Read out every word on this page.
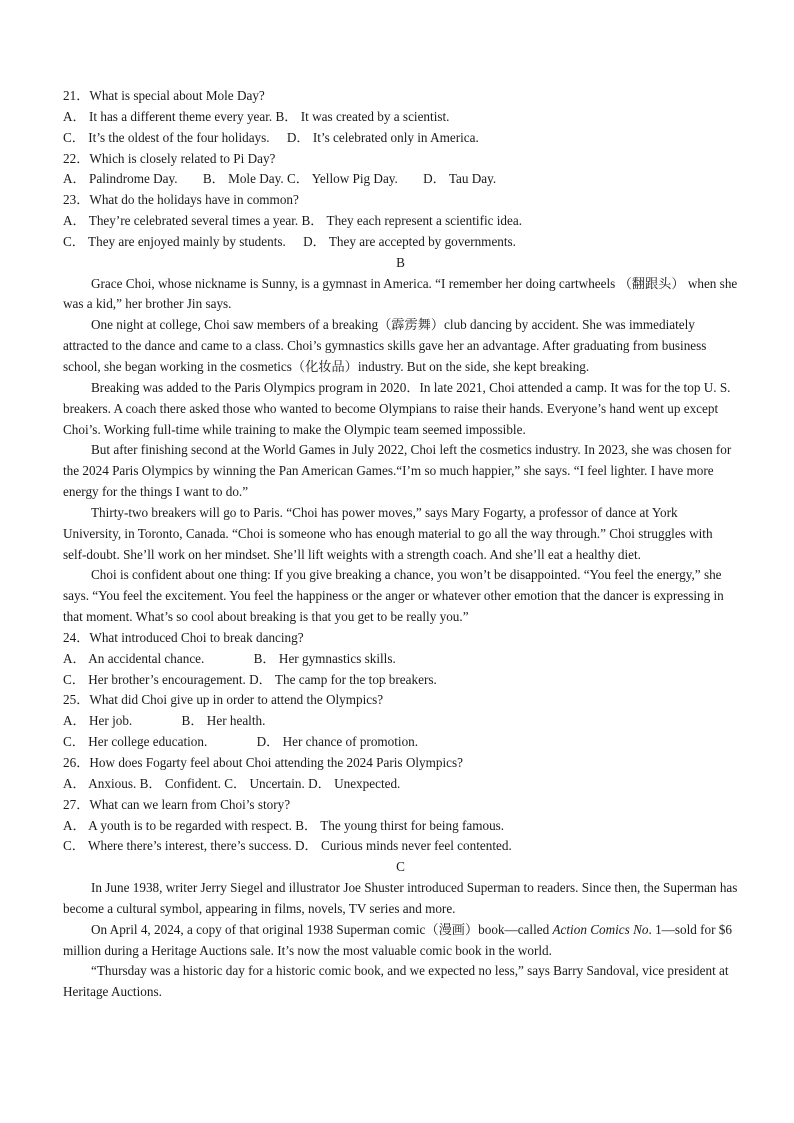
21．What is special about Mole Day?
A． It has a different theme every year. B． It was created by a scientist.
C． It’s the oldest of the four holidays. D． It’s celebrated only in America.
22．Which is closely related to Pi Day?
A． Palindrome Day. B． Mole Day. C． Yellow Pig Day. D． Tau Day.
23．What do the holidays have in common?
A． They’re celebrated several times a year. B． They each represent a scientific idea.
C． They are enjoyed mainly by students. D． They are accepted by governments.
B
Grace Choi, whose nickname is Sunny, is a gymnast in America. “I remember her doing cartwheels （翻跟头） when she was a kid,” her brother Jin says.
One night at college, Choi saw members of a breaking（霹雳舞）club dancing by accident. She was immediately attracted to the dance and came to a class. Choi’s gymnastics skills gave her an advantage. After graduating from business school, she began working in the cosmetics（化妆品）industry. But on the side, she kept breaking.
Breaking was added to the Paris Olympics program in 2020．In late 2021, Choi attended a camp. It was for the top U. S. breakers. A coach there asked those who wanted to become Olympians to raise their hands. Everyone’s hand went up except Choi’s. Working full-time while training to make the Olympic team seemed impossible.
But after finishing second at the World Games in July 2022, Choi left the cosmetics industry. In 2023, she was chosen for the 2024 Paris Olympics by winning the Pan American Games.“I’m so much happier,” she says. “I feel lighter. I have more energy for the things I want to do.”
Thirty-two breakers will go to Paris. “Choi has power moves,” says Mary Fogarty, a professor of dance at York University, in Toronto, Canada. “Choi is someone who has enough material to go all the way through.” Choi struggles with self-doubt. She’ll work on her mindset. She’ll lift weights with a strength coach. And she’ll eat a healthy diet.
Choi is confident about one thing: If you give breaking a chance, you won’t be disappointed. “You feel the energy,” she says. “You feel the excitement. You feel the happiness or the anger or whatever other emotion that the dancer is expressing in that moment. What’s so cool about breaking is that you get to be really you.”
24．What introduced Choi to break dancing?
A． An accidental chance.	B． Her gymnastics skills.
C． Her brother’s encouragement. D． The camp for the top breakers.
25．What did Choi give up in order to attend the Olympics?
A． Her job.	B． Her health.
C． Her college education.	D． Her chance of promotion.
26．How does Fogarty feel about Choi attending the 2024 Paris Olympics?
A． Anxious. B． Confident. C． Uncertain. D． Unexpected.
27．What can we learn from Choi’s story?
A． A youth is to be regarded with respect. B． The young thirst for being famous.
C． Where there’s interest, there’s success. D． Curious minds never feel contented.
C
In June 1938, writer Jerry Siegel and illustrator Joe Shuster introduced Superman to readers. Since then, the Superman has become a cultural symbol, appearing in films, novels, TV series and more.
On April 4, 2024, a copy of that original 1938 Superman comic（漫画）book—called Action Comics No. 1—sold for $6 million during a Heritage Auctions sale. It’s now the most valuable comic book in the world.
“Thursday was a historic day for a historic comic book, and we expected no less,” says Barry Sandoval, vice president at Heritage Auctions.
